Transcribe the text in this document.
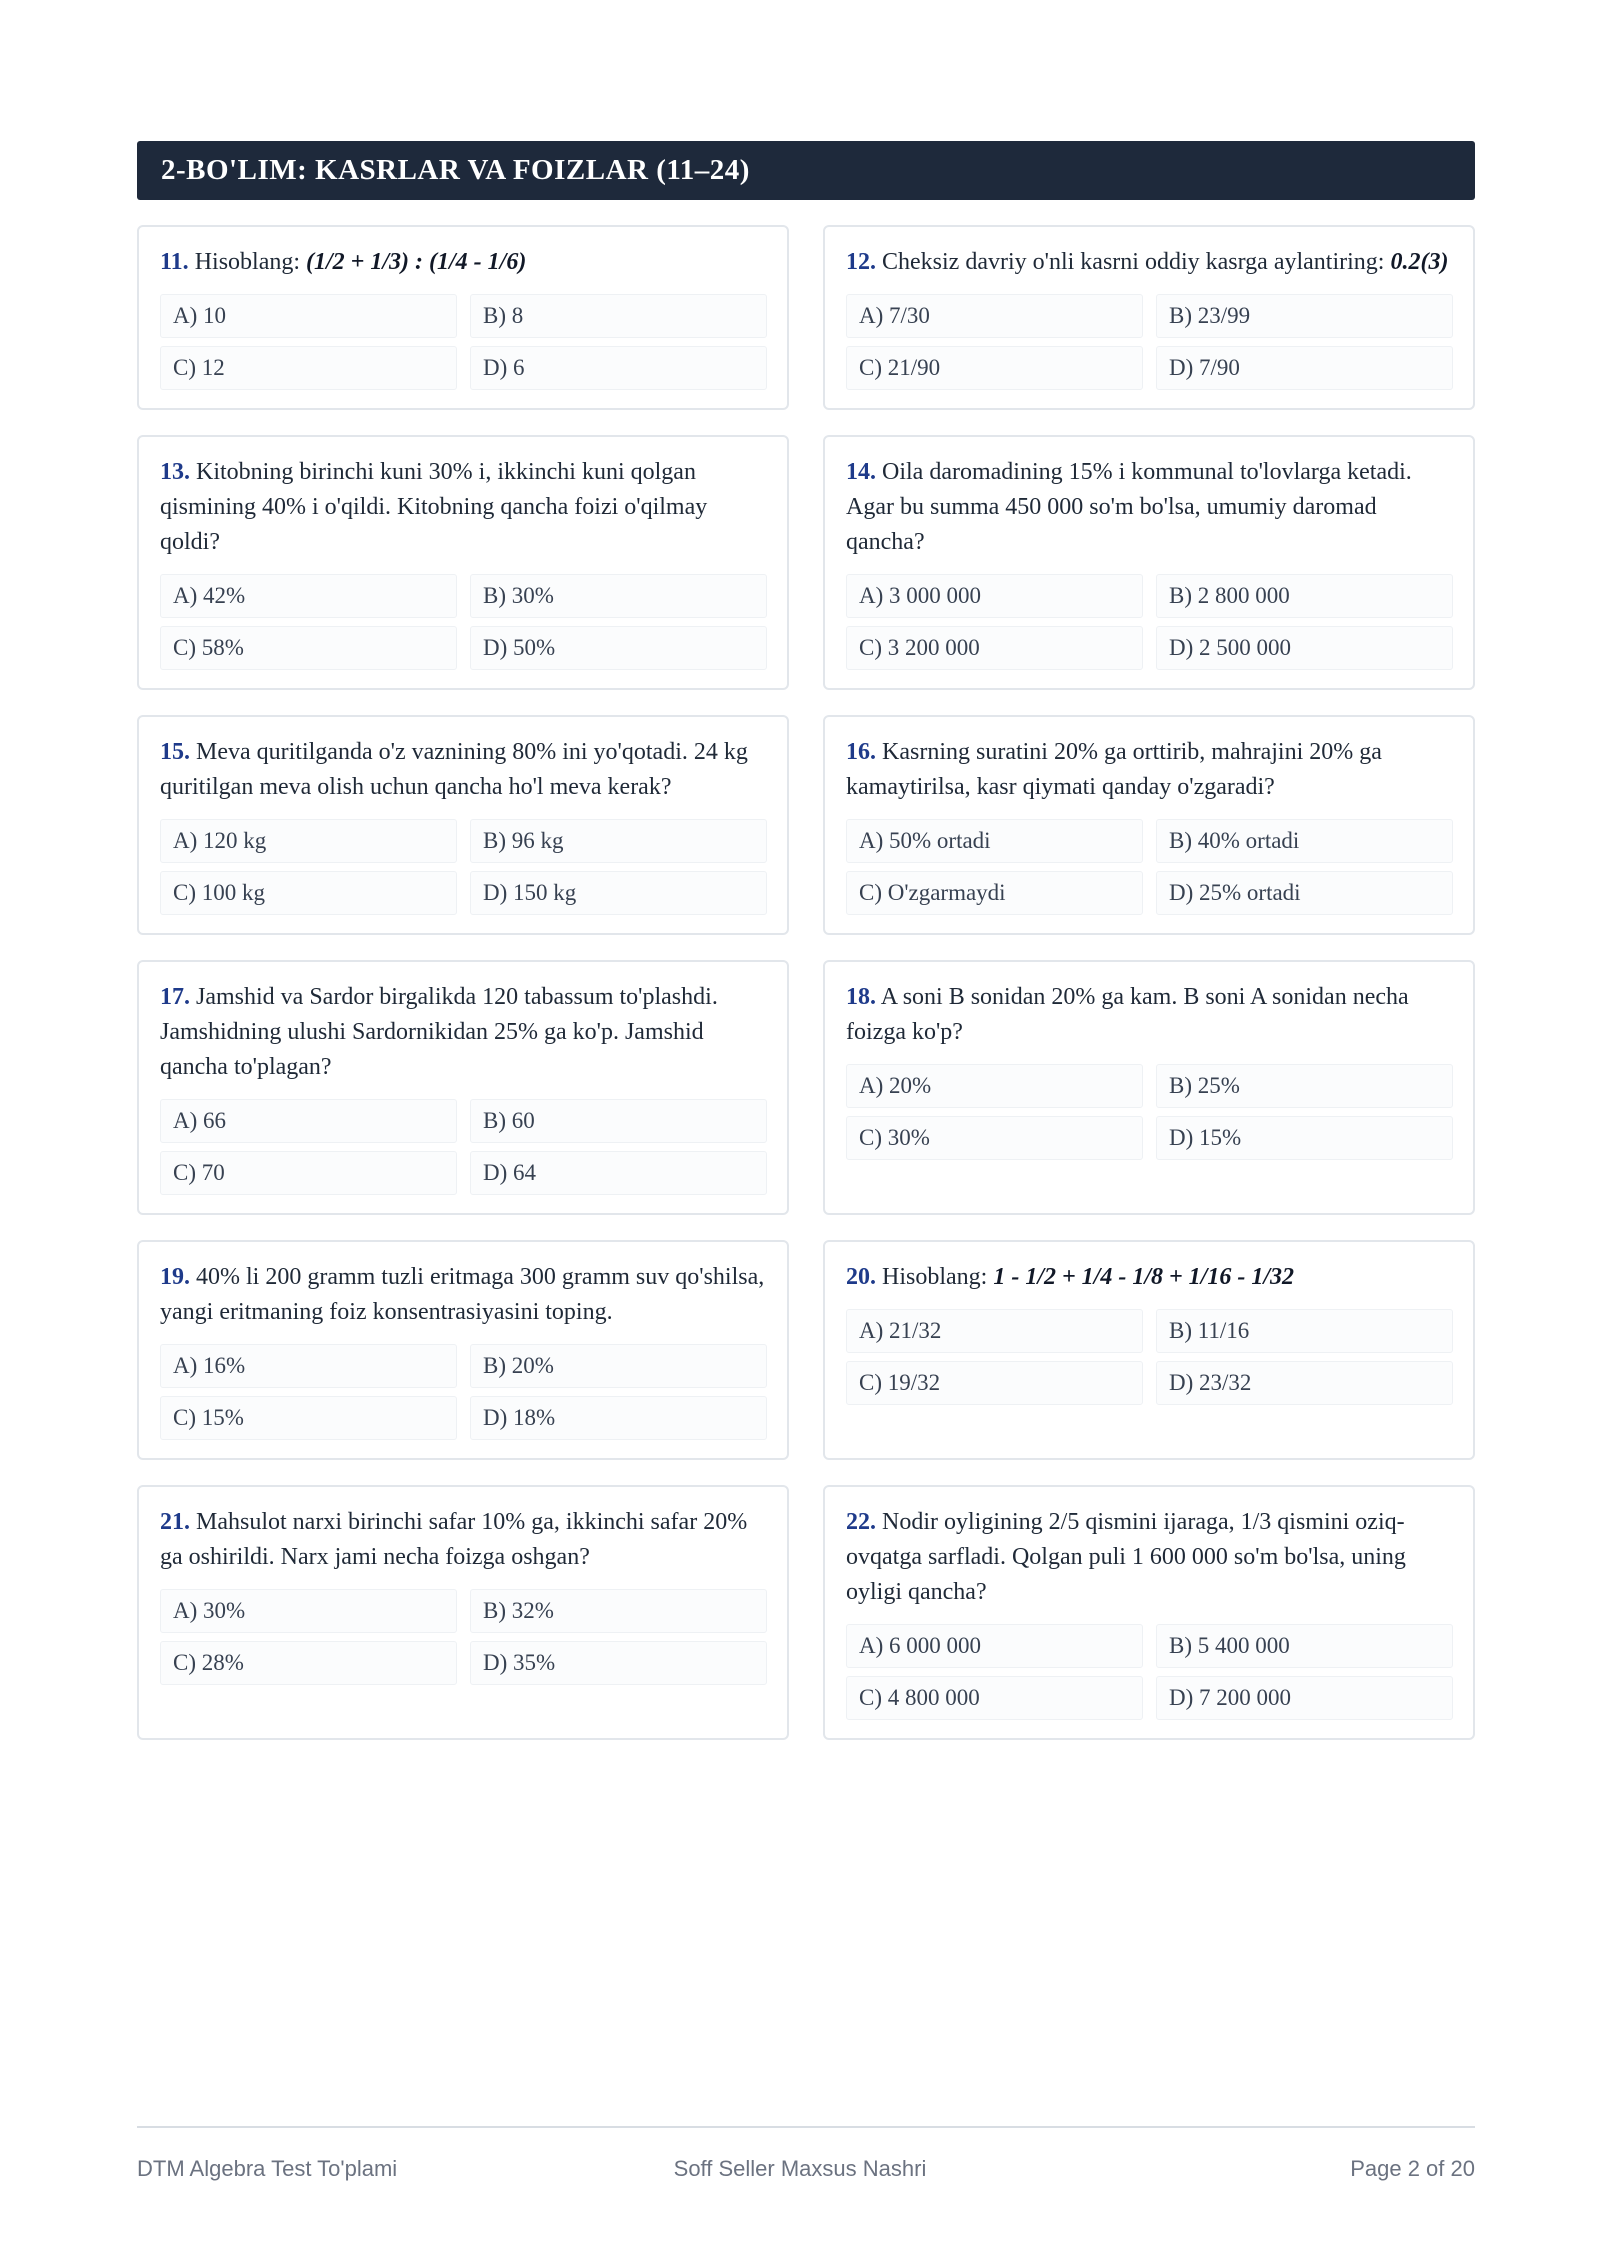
2-BO'LIM: KASRLAR VA FOIZLAR (11–24)

11. Hisoblang: (1/2 + 1/3) : (1/4 - 1/6)

A) 10	B) 8
C) 12	D) 6

12. Cheksiz davriy o'nli kasrni oddiy kasrga aylantiring: 0.2(3)

A) 7/30	B) 23/99
C) 21/90	D) 7/90

13. Kitobning birinchi kuni 30% i, ikkinchi kuni qolgan qismining 40% i o'qildi. Kitobning qancha foizi o'qilmay qoldi?

A) 42%	B) 30%
C) 58%	D) 50%

14. Oila daromadining 15% i kommunal to'lovlarga ketadi. Agar bu summa 450 000 so'm bo'lsa, umumiy daromad qancha?

A) 3 000 000	B) 2 800 000
C) 3 200 000	D) 2 500 000

15. Meva quritilganda o'z vaznining 80% ini yo'qotadi. 24 kg quritilgan meva olish uchun qancha ho'l meva kerak?

A) 120 kg	B) 96 kg
C) 100 kg	D) 150 kg

16. Kasrning suratini 20% ga orttirib, mahrajini 20% ga kamaytirilsa, kasr qiymati qanday o'zgaradi?

A) 50% ortadi	B) 40% ortadi
C) O'zgarmaydi	D) 25% ortadi

17. Jamshid va Sardor birgalikda 120 tabassum to'plashdi. Jamshidning ulushi Sardornikidan 25% ga ko'p. Jamshid qancha to'plagan?

A) 66	B) 60
C) 70	D) 64

18. A soni B sonidan 20% ga kam. B soni A sonidan necha foizga ko'p?

A) 20%	B) 25%
C) 30%	D) 15%

19. 40% li 200 gramm tuzli eritmaga 300 gramm suv qo'shilsa, yangi eritmaning foiz konsentrasiyasini toping.

A) 16%	B) 20%
C) 15%	D) 18%

20. Hisoblang: 1 - 1/2 + 1/4 - 1/8 + 1/16 - 1/32

A) 21/32	B) 11/16
C) 19/32	D) 23/32

21. Mahsulot narxi birinchi safar 10% ga, ikkinchi safar 20% ga oshirildi. Narx jami necha foizga oshgan?

A) 30%	B) 32%
C) 28%	D) 35%

22. Nodir oyligining 2/5 qismini ijaraga, 1/3 qismini oziq-ovqatga sarfladi. Qolgan puli 1 600 000 so'm bo'lsa, uning oyligi qancha?

A) 6 000 000	B) 5 400 000
C) 4 800 000	D) 7 200 000
DTM Algebra Test To'plami	Soff Seller Maxsus Nashri	Page 2 of 20
